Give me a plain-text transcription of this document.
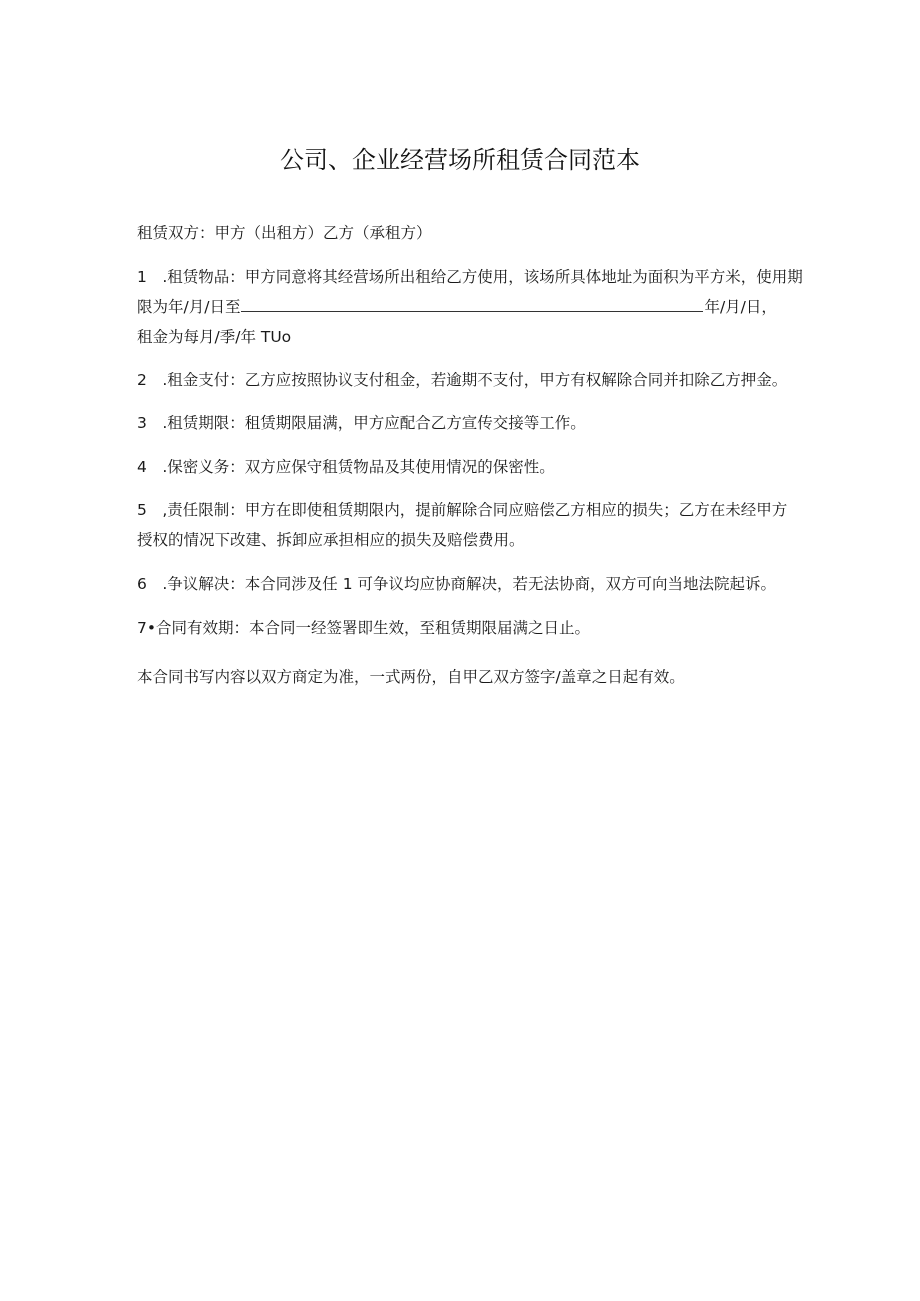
公司、企业经营场所租赁合同范本
租赁双方：甲方（出租方）乙方（承租方）
1　.租赁物品：甲方同意将其经营场所出租给乙方使用，该场所具体地址为面积为平方米，使用期
限为年/月/日至	年/月/日，
租金为每月/季/年 TUo
2　.租金支付：乙方应按照协议支付租金，若逾期不支付，甲方有权解除合同并扣除乙方押金。
3　.租赁期限：租赁期限届满，甲方应配合乙方宣传交接等工作。
4　.保密义务：双方应保守租赁物品及其使用情况的保密性。
5　,责任限制：甲方在即使租赁期限内，提前解除合同应赔偿乙方相应的损失；乙方在未经甲方
授权的情况下改建、拆卸应承担相应的损失及赔偿费用。
6　.争议解决：本合同涉及任 1 可争议均应协商解决，若无法协商，双方可向当地法院起诉。
7•合同有效期：本合同一经签署即生效，至租赁期限届满之日止。
本合同书写内容以双方商定为准，一式两份，自甲乙双方签字/盖章之日起有效。
